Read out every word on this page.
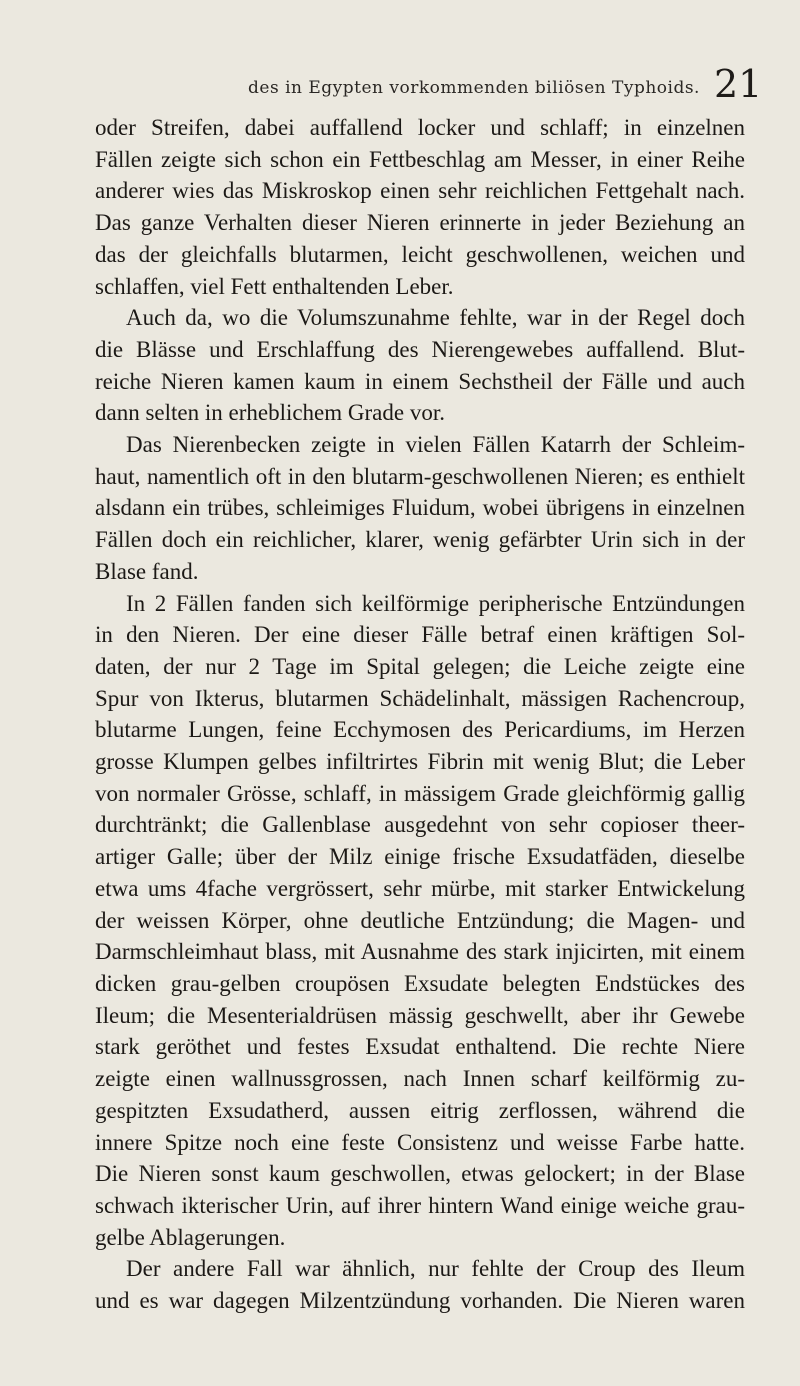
des in Egypten vorkommenden biliösen Typhoids. 21
oder Streifen, dabei auffallend locker und schlaff; in einzelnen
Fällen zeigte sich schon ein Fettbeschlag am Messer, in einer Reihe
anderer wies das Miskroskop einen sehr reichlichen Fettgehalt nach.
Das ganze Verhalten dieser Nieren erinnerte in jeder Beziehung an
das der gleichfalls blutarmen, leicht geschwollenen, weichen und
schlaffen, viel Fett enthaltenden Leber.
Auch da, wo die Volumszunahme fehlte, war in der Regel doch
die Blässe und Erschlaffung des Nierengewebes auffallend. Blut-
reiche Nieren kamen kaum in einem Sechstheil der Fälle und auch
dann selten in erheblichem Grade vor.
Das Nierenbecken zeigte in vielen Fällen Katarrh der Schleim-
haut, namentlich oft in den blutarm-geschwollenen Nieren; es enthielt
alsdann ein trübes, schleimiges Fluidum, wobei übrigens in einzelnen
Fällen doch ein reichlicher, klarer, wenig gefärbter Urin sich in der
Blase fand.
In 2 Fällen fanden sich keilförmige peripherische Entzündungen
in den Nieren. Der eine dieser Fälle betraf einen kräftigen Sol-
daten, der nur 2 Tage im Spital gelegen; die Leiche zeigte eine
Spur von Ikterus, blutarmen Schädelinhalt, mässigen Rachencroup,
blutarme Lungen, feine Ecchymosen des Pericardiums, im Herzen
grosse Klumpen gelbes infiltrirtes Fibrin mit wenig Blut; die Leber
von normaler Grösse, schlaff, in mässigem Grade gleichförmig gallig
durchtränkt; die Gallenblase ausgedehnt von sehr copioser theer-
artiger Galle; über der Milz einige frische Exsudatfäden, dieselbe
etwa ums 4fache vergrössert, sehr mürbe, mit starker Entwickelung
der weissen Körper, ohne deutliche Entzündung; die Magen- und
Darmschleimhaut blass, mit Ausnahme des stark injicirten, mit einem
dicken grau-gelben croupösen Exsudate belegten Endstückes des
Ileum; die Mesenterialdrüsen mässig geschwellt, aber ihr Gewebe
stark geröthet und festes Exsudat enthaltend. Die rechte Niere
zeigte einen wallnussgrossen, nach Innen scharf keilförmig zu-
gespitzten Exsudatherd, aussen eitrig zerflossen, während die
innere Spitze noch eine feste Consistenz und weisse Farbe hatte.
Die Nieren sonst kaum geschwollen, etwas gelockert; in der Blase
schwach ikterischer Urin, auf ihrer hintern Wand einige weiche grau-
gelbe Ablagerungen.
Der andere Fall war ähnlich, nur fehlte der Croup des Ileum
und es war dagegen Milzentzündung vorhanden. Die Nieren waren
